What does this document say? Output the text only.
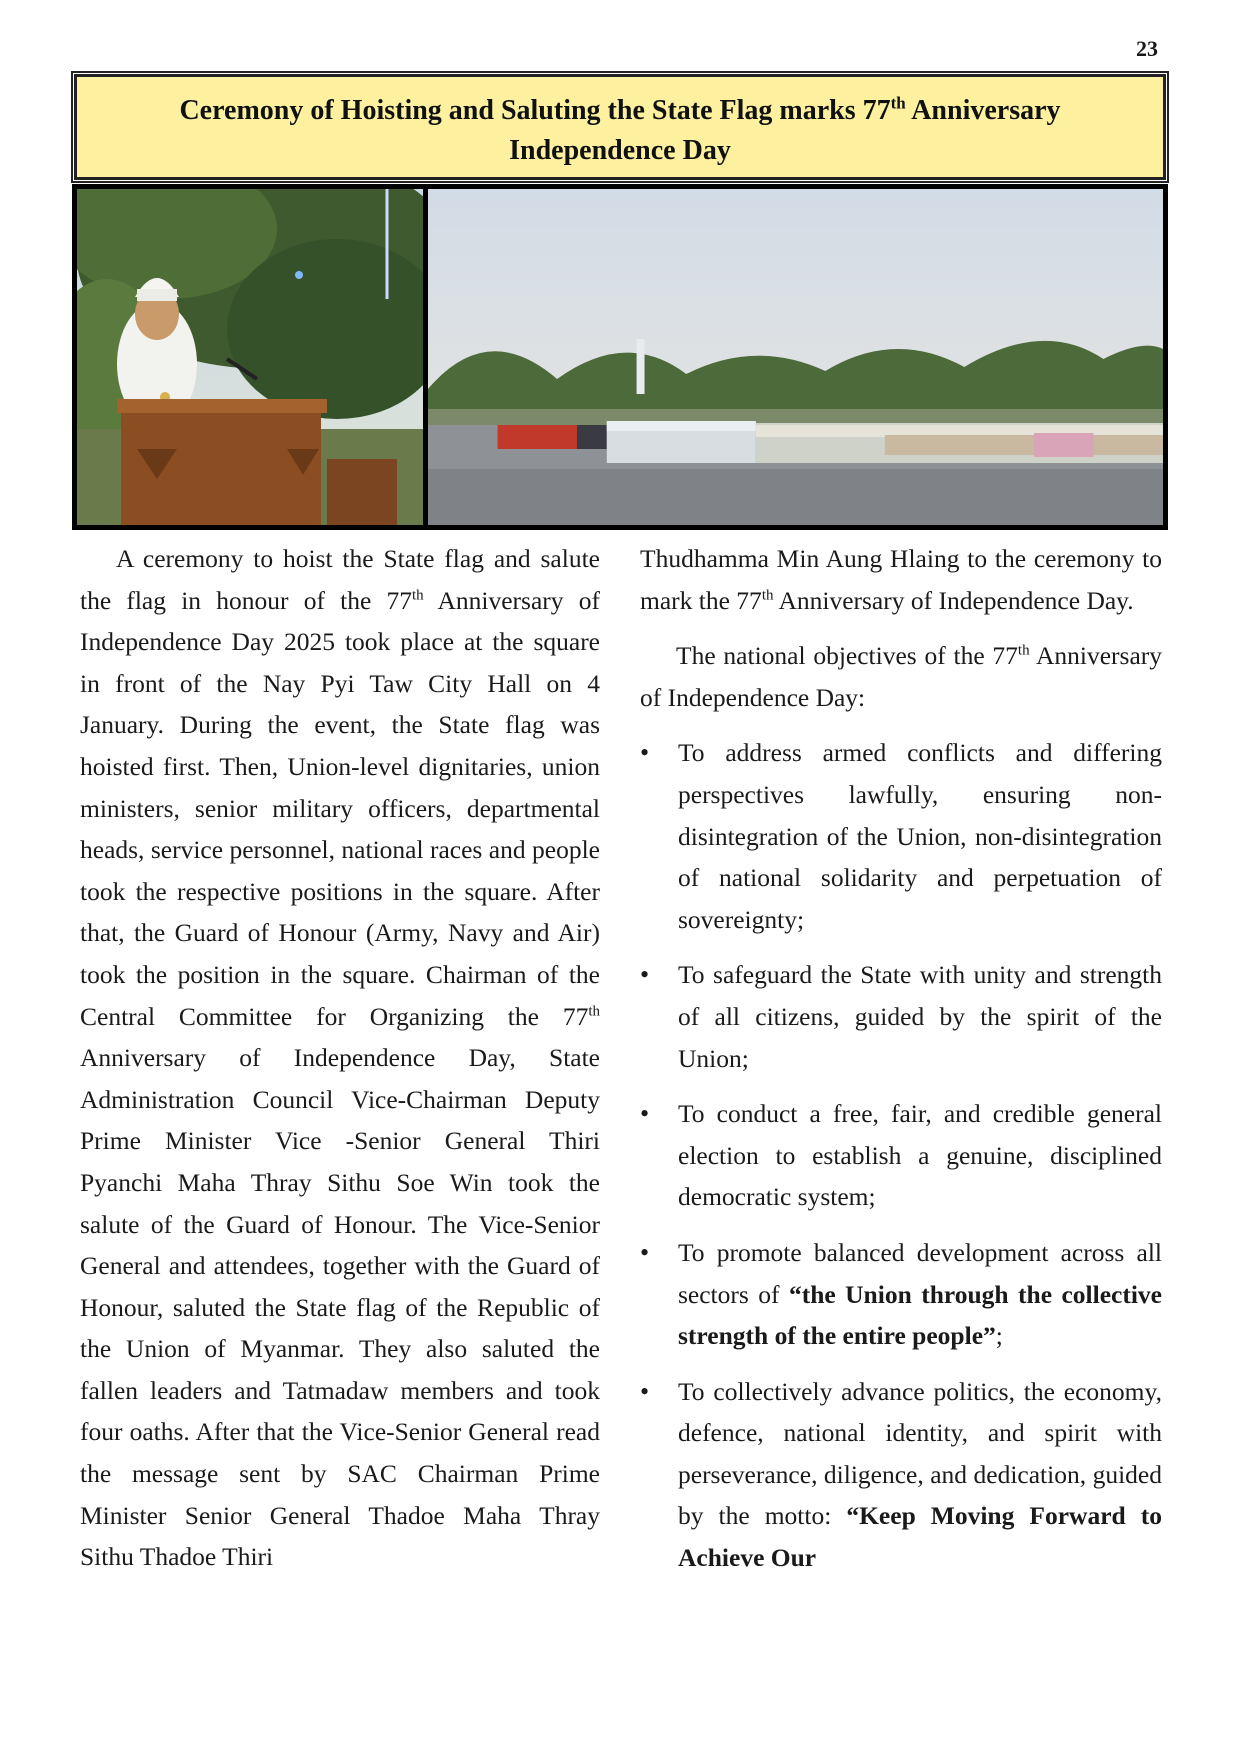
23
Ceremony of Hoisting and Saluting the State Flag marks 77th Anniversary
Independence Day

A ceremony to hoist the State flag and salute the flag in honour of the 77th Anniversary of Independence Day 2025 took place at the square in front of the Nay Pyi Taw City Hall on 4 January. During the event, the State flag was hoisted first. Then, Union-level dignitaries, union ministers, senior military officers, departmental heads, service personnel, national races and people took the respective positions in the square. After that, the Guard of Honour (Army, Navy and Air) took the position in the square. Chairman of the Central Committee for Organizing the 77th Anniversary of Independence Day, State Administration Council Vice-Chairman Deputy Prime Minister Vice -Senior General Thiri Pyanchi Maha Thray Sithu Soe Win took the salute of the Guard of Honour. The Vice-Senior General and attendees, together with the Guard of Honour, saluted the State flag of the Republic of the Union of Myanmar. They also saluted the fallen leaders and Tatmadaw members and took four oaths. After that the Vice-Senior General read the message sent by SAC Chairman Prime Minister Senior General Thadoe Maha Thray Sithu Thadoe Thiri

Thudhamma Min Aung Hlaing to the ceremony to mark the 77th Anniversary of Independence Day.

The national objectives of the 77th Anniversary of Independence Day:

• To address armed conflicts and differing perspectives lawfully, ensuring non-disintegration of the Union, non-disintegration of national solidarity and perpetuation of sovereignty;
• To safeguard the State with unity and strength of all citizens, guided by the spirit of the Union;
• To conduct a free, fair, and credible general election to establish a genuine, disciplined democratic system;
• To promote balanced development across all sectors of “the Union through the collective strength of the entire people”;
• To collectively advance politics, the economy, defence, national identity, and spirit with perseverance, diligence, and dedication, guided by the motto: “Keep Moving Forward to Achieve Our
